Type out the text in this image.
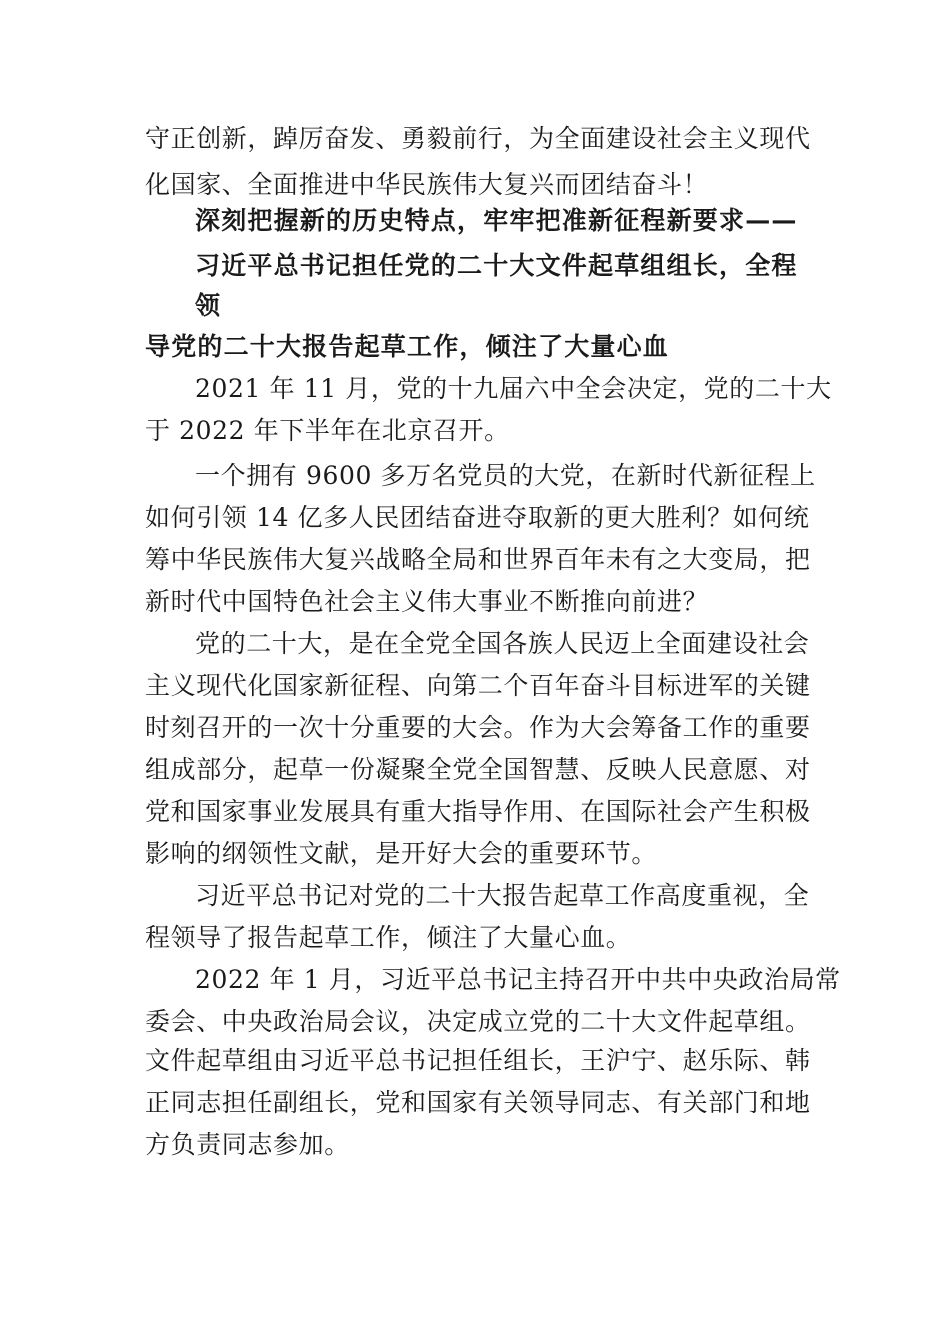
守正创新，踔厉奋发、勇毅前行，为全面建设社会主义现代
化国家、全面推进中华民族伟大复兴而团结奋斗！
深刻把握新的历史特点，牢牢把准新征程新要求——
习近平总书记担任党的二十大文件起草组组长，全程
领
导党的二十大报告起草工作，倾注了大量心血
2021 年 11 月，党的十九届六中全会决定，党的二十大
于 2022 年下半年在北京召开。
一个拥有 9600 多万名党员的大党，在新时代新征程上
如何引领 14 亿多人民团结奋进夺取新的更大胜利？如何统
筹中华民族伟大复兴战略全局和世界百年未有之大变局，把
新时代中国特色社会主义伟大事业不断推向前进？
党的二十大，是在全党全国各族人民迈上全面建设社会
主义现代化国家新征程、向第二个百年奋斗目标进军的关键
时刻召开的一次十分重要的大会。作为大会筹备工作的重要
组成部分，起草一份凝聚全党全国智慧、反映人民意愿、对
党和国家事业发展具有重大指导作用、在国际社会产生积极
影响的纲领性文献，是开好大会的重要环节。
习近平总书记对党的二十大报告起草工作高度重视，全
程领导了报告起草工作，倾注了大量心血。
2022 年 1 月，习近平总书记主持召开中共中央政治局常
委会、中央政治局会议，决定成立党的二十大文件起草组。
文件起草组由习近平总书记担任组长，王沪宁、赵乐际、韩
正同志担任副组长，党和国家有关领导同志、有关部门和地
方负责同志参加。
